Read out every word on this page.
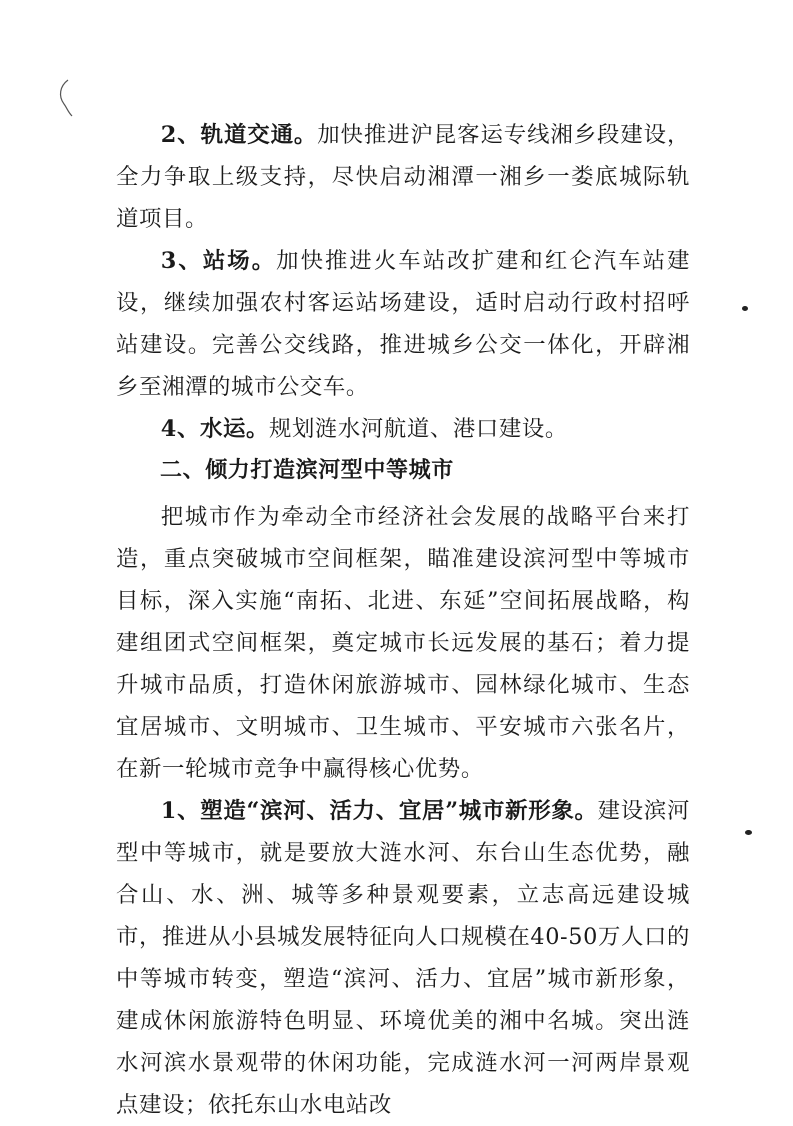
2、轨道交通。加快推进沪昆客运专线湘乡段建设，全力争取上级支持，尽快启动湘潭一湘乡一娄底城际轨道项目。

3、站场。加快推进火车站改扩建和红仑汽车站建设，继续加强农村客运站场建设，适时启动行政村招呼站建设。完善公交线路，推进城乡公交一体化，开辟湘乡至湘潭的城市公交车。

4、水运。规划涟水河航道、港口建设。

二、倾力打造滨河型中等城市

把城市作为牵动全市经济社会发展的战略平台来打造，重点突破城市空间框架，瞄准建设滨河型中等城市目标，深入实施“南拓、北进、东延”空间拓展战略，构建组团式空间框架，奠定城市长远发展的基石；着力提升城市品质，打造休闲旅游城市、园林绿化城市、生态宜居城市、文明城市、卫生城市、平安城市六张名片，在新一轮城市竞争中赢得核心优势。

1、塑造“滨河、活力、宜居”城市新形象。建设滨河型中等城市，就是要放大涟水河、东台山生态优势，融合山、水、洲、城等多种景观要素，立志高远建设城市，推进从小县城发展特征向人口规模在40-50万人口的中等城市转变，塑造“滨河、活力、宜居”城市新形象，建成休闲旅游特色明显、环境优美的湘中名城。突出涟水河滨水景观带的休闲功能，完成涟水河一河两岸景观点建设；依托东山水电站改
